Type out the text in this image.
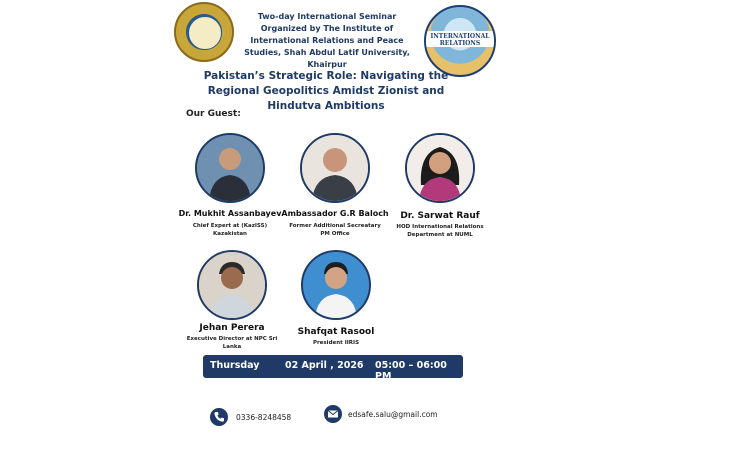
Two-day International Seminar Organized by The Institute of International Relations and Peace Studies, Shah Abdul Latif University, Khairpur
INTERNATIONAL RELATIONS
Pakistan’s Strategic Role: Navigating the Regional Geopolitics Amidst Zionist and Hindutva Ambitions
Our Guest:
Dr. Mukhit Assanbayev
Chief Expert at (KazISS) Kazakistan
Ambassador G.R Baloch
Former Additional Secreatary PM Office
Dr. Sarwat Rauf
HOD International Relations Department at NUML
Jehan Perera
Executive Director at NPC Sri Lanka
Shafqat Rasool
President IIRIS
Thursday	02 April , 2026 05:00 – 06:00 PM
0336-8248458	edsafe.salu@gmail.com
